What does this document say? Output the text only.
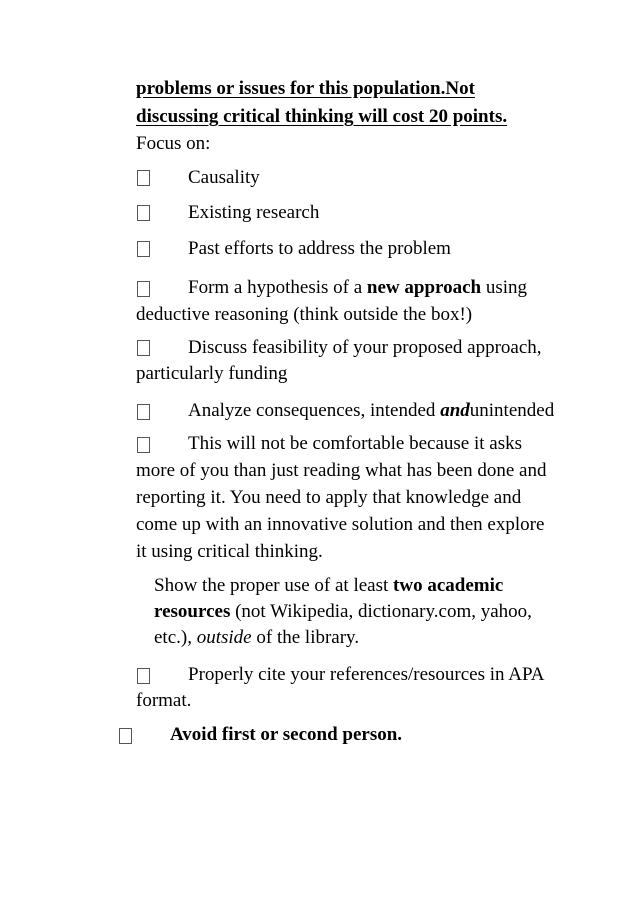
problems or issues for this population.Not
discussing critical thinking will cost 20 points.
Focus on:
Causality
Existing research
Past efforts to address the problem
Form a hypothesis of a new approach using
deductive reasoning (think outside the box!)
Discuss feasibility of your proposed approach,
particularly funding
Analyze consequences, intended andunintended
This will not be comfortable because it asks
more of you than just reading what has been done and
reporting it. You need to apply that knowledge and
come up with an innovative solution and then explore
it using critical thinking.
Show the proper use of at least two academic
resources (not Wikipedia, dictionary.com, yahoo,
etc.), outside of the library.
Properly cite your references/resources in APA
format.
Avoid first or second person.
